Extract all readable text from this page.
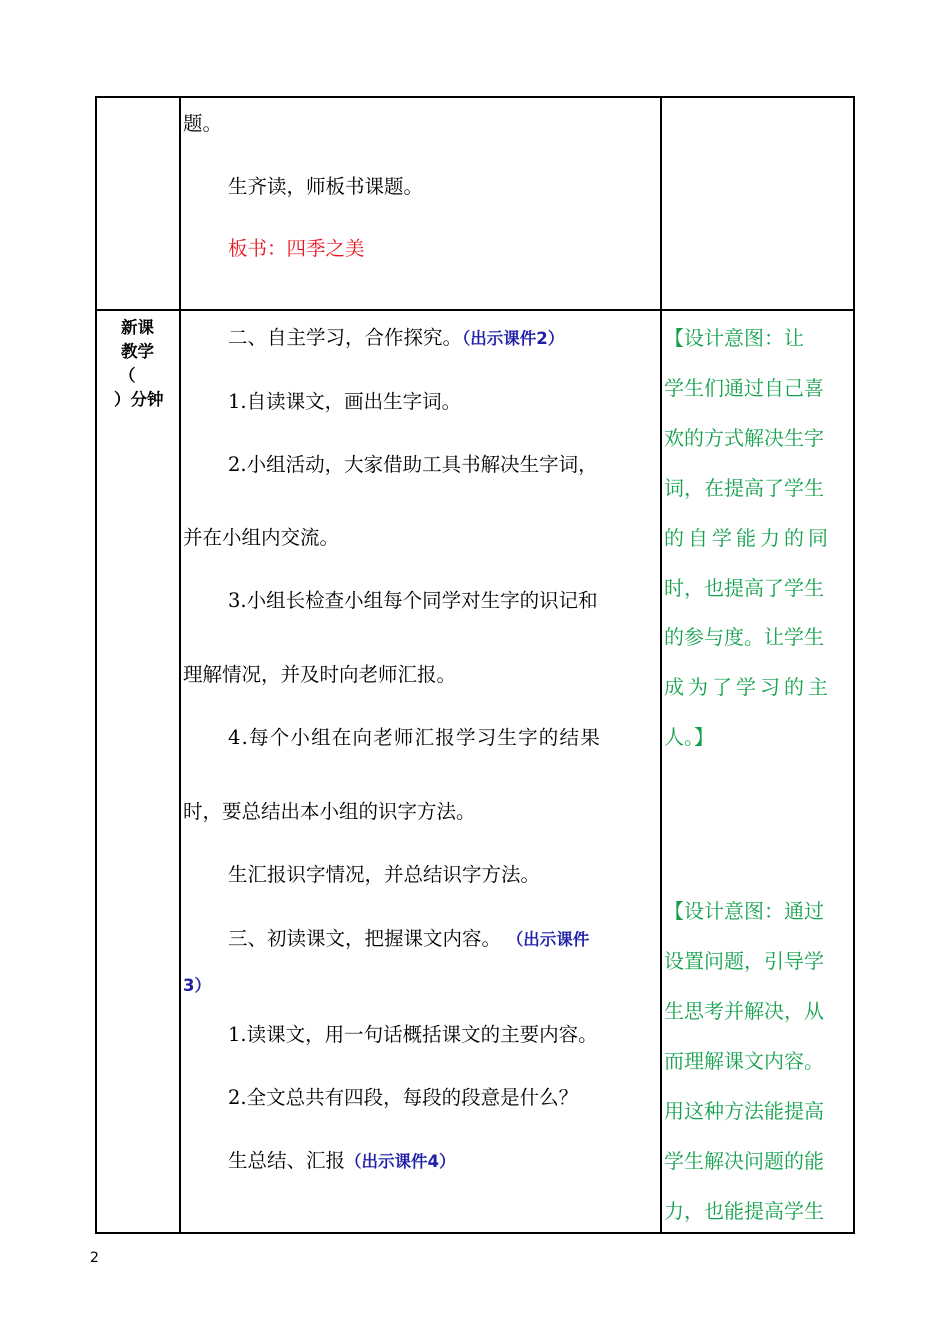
新课
教学
（
）分钟
题。
生齐读，师板书课题。
板书：四季之美
二、自主学习，合作探究。（出示课件2）
1.自读课文，画出生字词。
2.小组活动，大家借助工具书解决生字词，
并在小组内交流。
3.小组长检查小组每个同学对生字的识记和
理解情况，并及时向老师汇报。
4.每个小组在向老师汇报学习生字的结果
时，要总结出本小组的识字方法。
生汇报识字情况，并总结识字方法。
三、初读课文，把握课文内容。 （出示课件
3）
1.读课文，用一句话概括课文的主要内容。
2.全文总共有四段，每段的段意是什么？
生总结、汇报（出示课件4）
【设计意图：让
学生们通过自己喜
欢的方式解决生字
词，在提高了学生
的自学能力的同
时，也提高了学生
的参与度。让学生
成为了学习的主
人。】
【设计意图：通过
设置问题，引导学
生思考并解决，从
而理解课文内容。
用这种方法能提高
学生解决问题的能
力，也能提高学生
2
